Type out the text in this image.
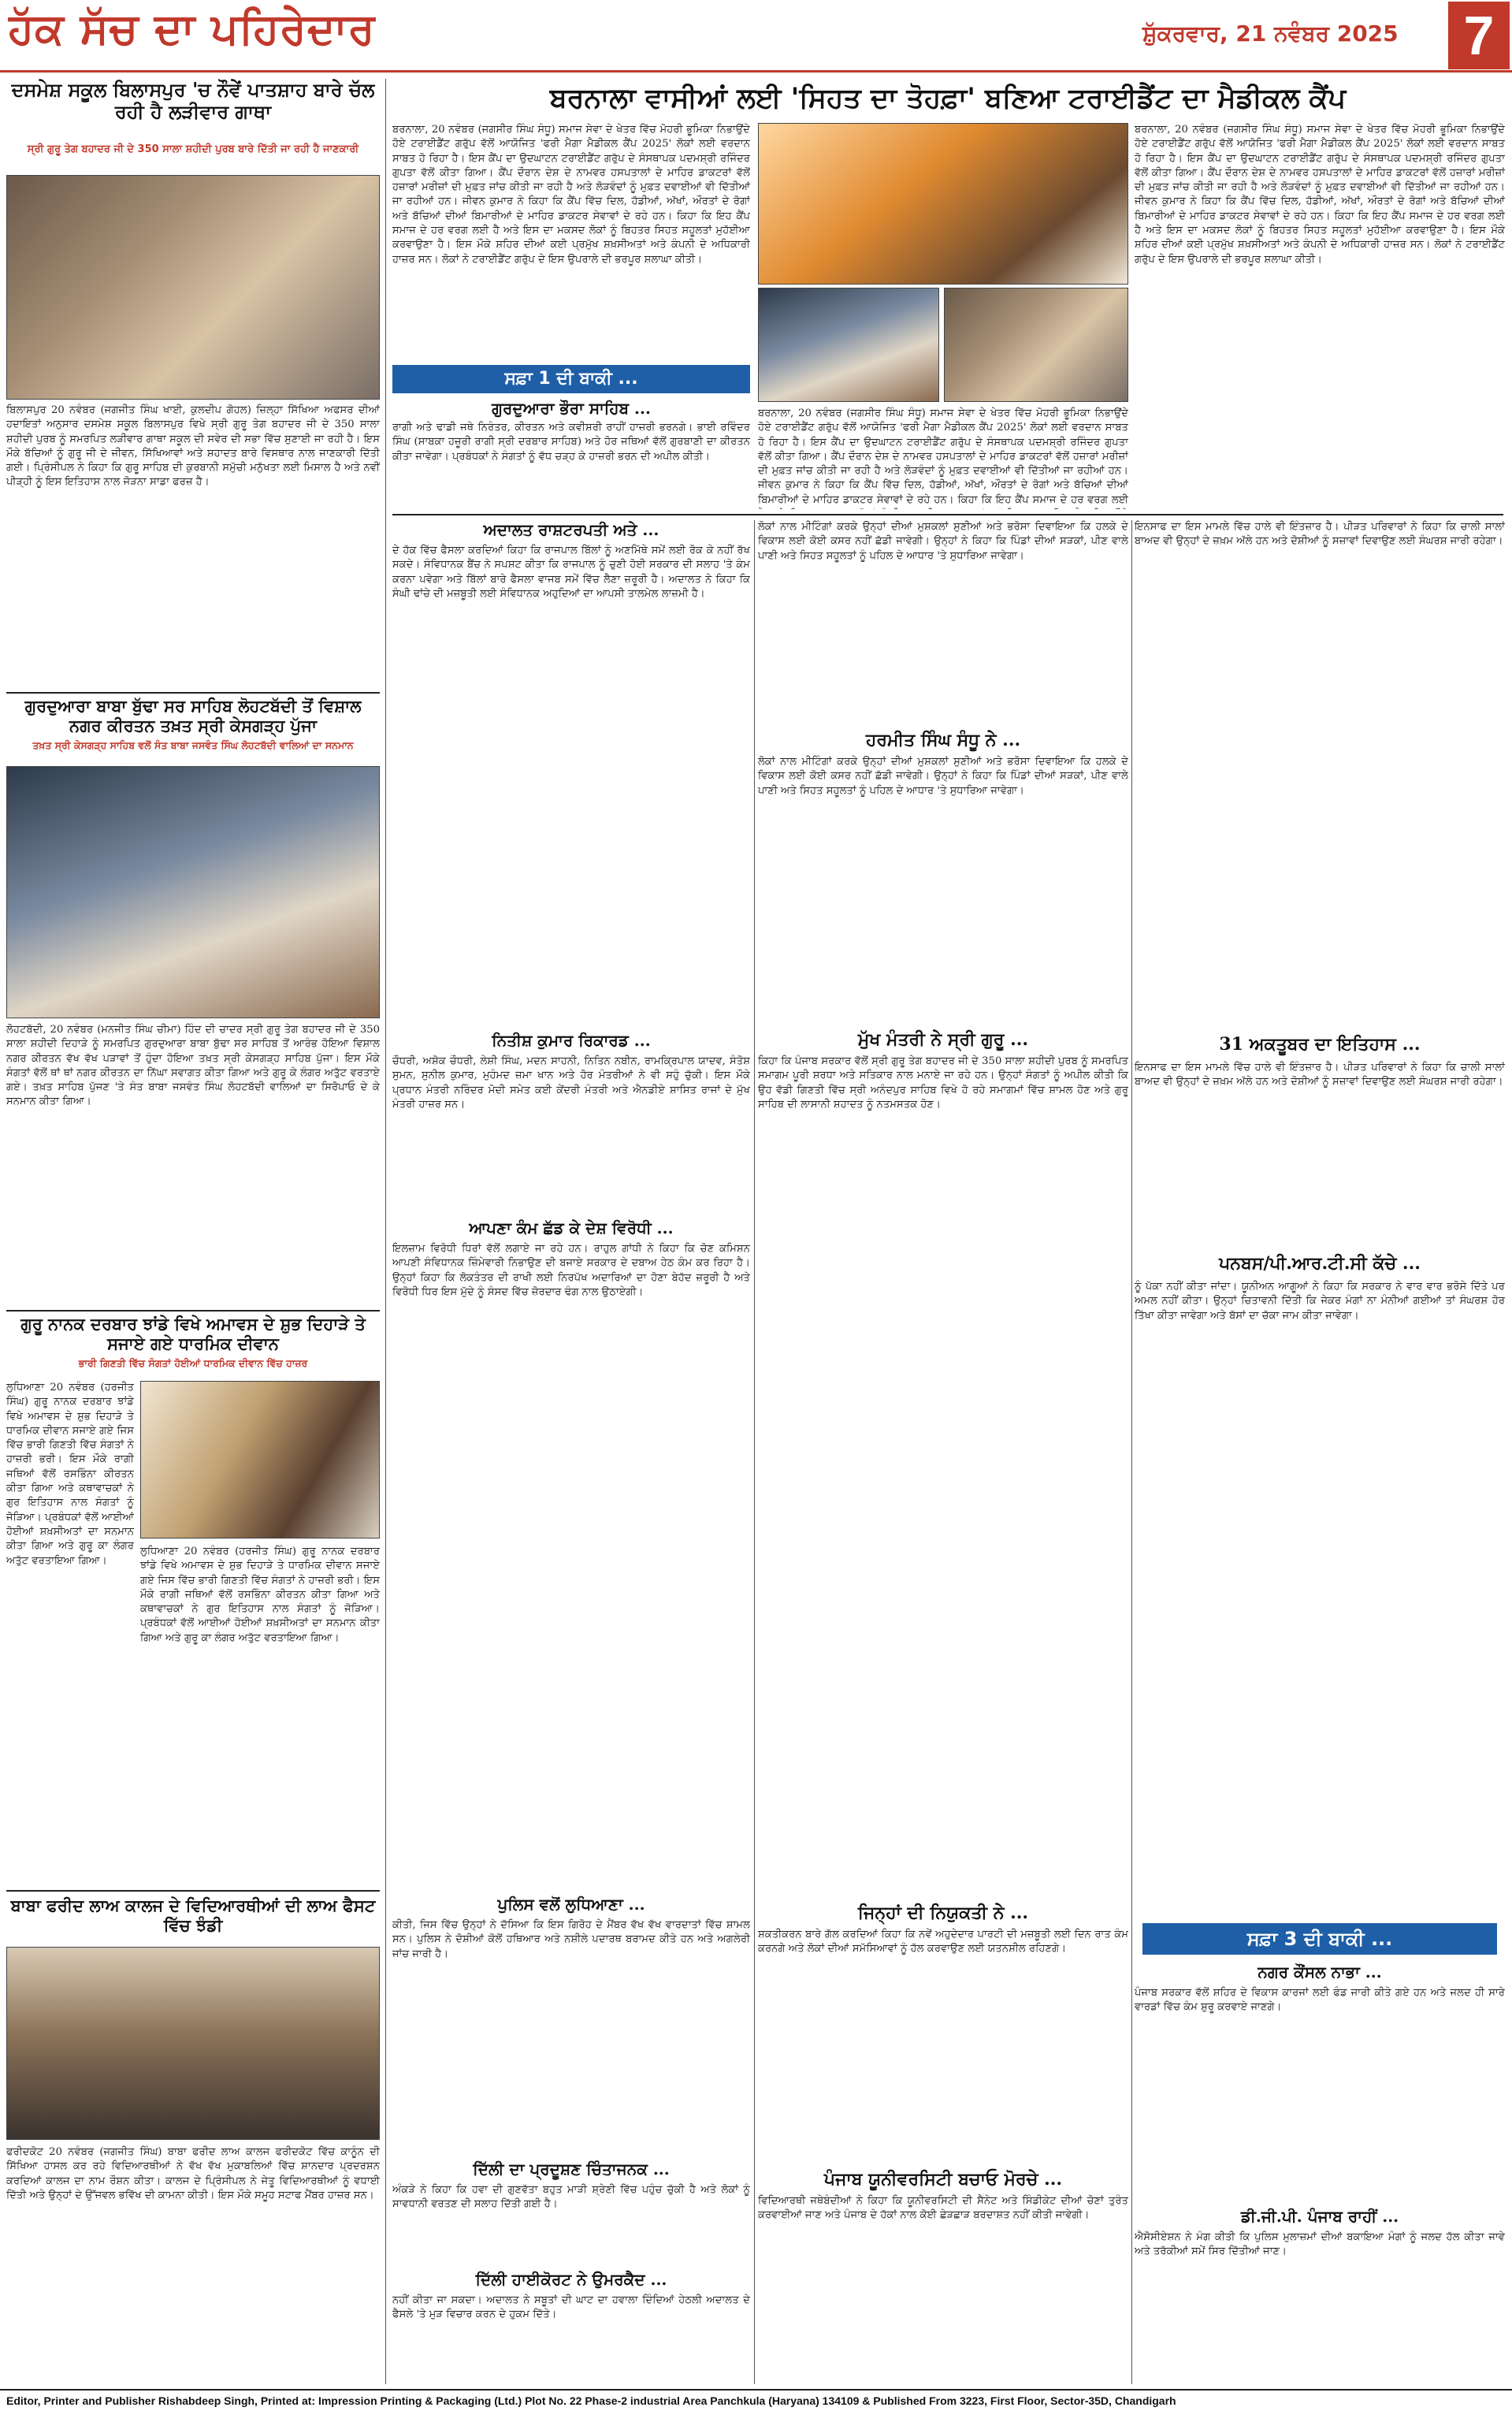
ਹੱਕ ਸੱਚ ਦਾ ਪਹਿਰੇਦਾਰ	ਸ਼ੁੱਕਰਵਾਰ, 21 ਨਵੰਬਰ 2025 7
ਦਸਮੇਸ਼ ਸਕੂਲ ਬਿਲਾਸਪੁਰ 'ਚ ਨੌਵੇਂ ਪਾਤਸ਼ਾਹ ਬਾਰੇ ਚੱਲ ਰਹੀ ਹੈ ਲੜੀਵਾਰ ਗਾਥਾ
ਸ੍ਰੀ ਗੁਰੂ ਤੇਗ ਬਹਾਦਰ ਜੀ ਦੇ 350 ਸਾਲਾ ਸ਼ਹੀਦੀ ਪੁਰਬ ਬਾਰੇ ਦਿੱਤੀ ਜਾ ਰਹੀ ਹੈ ਜਾਣਕਾਰੀ
ਬਿਲਾਸਪੁਰ 20 ਨਵੰਬਰ (ਜਗਜੀਤ ਸਿੰਘ ਖਾਈ, ਕੁਲਦੀਪ ਗੋਹਲ) ਜ਼ਿਲ੍ਹਾ ਸਿੱਖਿਆ ਅਫਸਰ ਦੀਆਂ ਹਦਾਇਤਾਂ ਅਨੁਸਾਰ ਦਸਮੇਸ਼ ਸਕੂਲ ਬਿਲਾਸਪੁਰ ਵਿਖੇ ਸ੍ਰੀ ਗੁਰੂ ਤੇਗ ਬਹਾਦਰ ਜੀ ਦੇ 350 ਸਾਲਾ ਸ਼ਹੀਦੀ ਪੁਰਬ ਨੂੰ ਸਮਰਪਿਤ ਲੜੀਵਾਰ ਗਾਥਾ ਸਕੂਲ ਦੀ ਸਵੇਰ ਦੀ ਸਭਾ ਵਿੱਚ ਸੁਣਾਈ ਜਾ ਰਹੀ ਹੈ। ਇਸ ਮੌਕੇ ਬੱਚਿਆਂ ਨੂੰ ਗੁਰੂ ਜੀ ਦੇ ਜੀਵਨ, ਸਿੱਖਿਆਵਾਂ ਅਤੇ ਸ਼ਹਾਦਤ ਬਾਰੇ ਵਿਸਥਾਰ ਨਾਲ ਜਾਣਕਾਰੀ ਦਿੱਤੀ ਗਈ। ਪ੍ਰਿੰਸੀਪਲ ਨੇ ਕਿਹਾ ਕਿ ਗੁਰੂ ਸਾਹਿਬ ਦੀ ਕੁਰਬਾਨੀ ਸਮੁੱਚੀ ਮਨੁੱਖਤਾ ਲਈ ਮਿਸਾਲ ਹੈ ਅਤੇ ਨਵੀਂ ਪੀੜ੍ਹੀ ਨੂੰ ਇਸ ਇਤਿਹਾਸ ਨਾਲ ਜੋੜਨਾ ਸਾਡਾ ਫਰਜ਼ ਹੈ।
ਗੁਰਦੁਆਰਾ ਬਾਬਾ ਬੁੱਢਾ ਸਰ ਸਾਹਿਬ ਲੋਹਟਬੱਦੀ ਤੋਂ ਵਿਸ਼ਾਲ ਨਗਰ ਕੀਰਤਨ ਤਖ਼ਤ ਸ੍ਰੀ ਕੇਸਗੜ੍ਹ ਪੁੱਜਾ
ਤਖ਼ਤ ਸ੍ਰੀ ਕੇਸਗੜ੍ਹ ਸਾਹਿਬ ਵਲੋਂ ਸੰਤ ਬਾਬਾ ਜਸਵੰਤ ਸਿੰਘ ਲੋਹਟਬੱਦੀ ਵਾਲਿਆਂ ਦਾ ਸਨਮਾਨ
ਲੋਹਟਬੱਦੀ, 20 ਨਵੰਬਰ (ਮਨਜੀਤ ਸਿੰਘ ਚੀਮਾ) ਹਿੰਦ ਦੀ ਚਾਦਰ ਸ੍ਰੀ ਗੁਰੂ ਤੇਗ ਬਹਾਦਰ ਜੀ ਦੇ 350 ਸਾਲਾ ਸ਼ਹੀਦੀ ਦਿਹਾੜੇ ਨੂੰ ਸਮਰਪਿਤ ਗੁਰਦੁਆਰਾ ਬਾਬਾ ਬੁੱਢਾ ਸਰ ਸਾਹਿਬ ਤੋਂ ਆਰੰਭ ਹੋਇਆ ਵਿਸ਼ਾਲ ਨਗਰ ਕੀਰਤਨ ਵੱਖ ਵੱਖ ਪੜਾਵਾਂ ਤੋਂ ਹੁੰਦਾ ਹੋਇਆ ਤਖ਼ਤ ਸ੍ਰੀ ਕੇਸਗੜ੍ਹ ਸਾਹਿਬ ਪੁੱਜਾ। ਇਸ ਮੌਕੇ ਸੰਗਤਾਂ ਵੱਲੋਂ ਥਾਂ ਥਾਂ ਨਗਰ ਕੀਰਤਨ ਦਾ ਨਿੱਘਾ ਸਵਾਗਤ ਕੀਤਾ ਗਿਆ ਅਤੇ ਗੁਰੂ ਕੇ ਲੰਗਰ ਅਤੁੱਟ ਵਰਤਾਏ ਗਏ। ਤਖ਼ਤ ਸਾਹਿਬ ਪੁੱਜਣ 'ਤੇ ਸੰਤ ਬਾਬਾ ਜਸਵੰਤ ਸਿੰਘ ਲੋਹਟਬੱਦੀ ਵਾਲਿਆਂ ਦਾ ਸਿਰੋਪਾਓ ਦੇ ਕੇ ਸਨਮਾਨ ਕੀਤਾ ਗਿਆ।
ਗੁਰੂ ਨਾਨਕ ਦਰਬਾਰ ਝਾਂਡੇ ਵਿਖੇ ਅਮਾਵਸ ਦੇ ਸ਼ੁਭ ਦਿਹਾੜੇ ਤੇ ਸਜਾਏ ਗਏ ਧਾਰਮਿਕ ਦੀਵਾਨ
ਭਾਰੀ ਗਿਣਤੀ ਵਿੱਚ ਸੰਗਤਾਂ ਹੋਈਆਂ ਧਾਰਮਿਕ ਦੀਵਾਨ ਵਿੱਚ ਹਾਜ਼ਰ
ਲੁਧਿਆਣਾ 20 ਨਵੰਬਰ (ਹਰਜੀਤ ਸਿੰਘ) ਗੁਰੂ ਨਾਨਕ ਦਰਬਾਰ ਝਾਂਡੇ ਵਿਖੇ ਅਮਾਵਸ ਦੇ ਸ਼ੁਭ ਦਿਹਾੜੇ ਤੇ ਧਾਰਮਿਕ ਦੀਵਾਨ ਸਜਾਏ ਗਏ ਜਿਸ ਵਿੱਚ ਭਾਰੀ ਗਿਣਤੀ ਵਿੱਚ ਸੰਗਤਾਂ ਨੇ ਹਾਜ਼ਰੀ ਭਰੀ। ਇਸ ਮੌਕੇ ਰਾਗੀ ਜਥਿਆਂ ਵੱਲੋਂ ਰਸਭਿੰਨਾ ਕੀਰਤਨ ਕੀਤਾ ਗਿਆ ਅਤੇ ਕਥਾਵਾਚਕਾਂ ਨੇ ਗੁਰ ਇਤਿਹਾਸ ਨਾਲ ਸੰਗਤਾਂ ਨੂੰ ਜੋੜਿਆ। ਪ੍ਰਬੰਧਕਾਂ ਵੱਲੋਂ ਆਈਆਂ ਹੋਈਆਂ ਸ਼ਖ਼ਸੀਅਤਾਂ ਦਾ ਸਨਮਾਨ ਕੀਤਾ ਗਿਆ ਅਤੇ ਗੁਰੂ ਕਾ ਲੰਗਰ ਅਤੁੱਟ ਵਰਤਾਇਆ ਗਿਆ।
ਲੁਧਿਆਣਾ 20 ਨਵੰਬਰ (ਹਰਜੀਤ ਸਿੰਘ) ਗੁਰੂ ਨਾਨਕ ਦਰਬਾਰ ਝਾਂਡੇ ਵਿਖੇ ਅਮਾਵਸ ਦੇ ਸ਼ੁਭ ਦਿਹਾੜੇ ਤੇ ਧਾਰਮਿਕ ਦੀਵਾਨ ਸਜਾਏ ਗਏ ਜਿਸ ਵਿੱਚ ਭਾਰੀ ਗਿਣਤੀ ਵਿੱਚ ਸੰਗਤਾਂ ਨੇ ਹਾਜ਼ਰੀ ਭਰੀ। ਇਸ ਮੌਕੇ ਰਾਗੀ ਜਥਿਆਂ ਵੱਲੋਂ ਰਸਭਿੰਨਾ ਕੀਰਤਨ ਕੀਤਾ ਗਿਆ ਅਤੇ ਕਥਾਵਾਚਕਾਂ ਨੇ ਗੁਰ ਇਤਿਹਾਸ ਨਾਲ ਸੰਗਤਾਂ ਨੂੰ ਜੋੜਿਆ। ਪ੍ਰਬੰਧਕਾਂ ਵੱਲੋਂ ਆਈਆਂ ਹੋਈਆਂ ਸ਼ਖ਼ਸੀਅਤਾਂ ਦਾ ਸਨਮਾਨ ਕੀਤਾ ਗਿਆ ਅਤੇ ਗੁਰੂ ਕਾ ਲੰਗਰ ਅਤੁੱਟ ਵਰਤਾਇਆ ਗਿਆ।
ਬਾਬਾ ਫਰੀਦ ਲਾਅ ਕਾਲਜ ਦੇ ਵਿਦਿਆਰਥੀਆਂ ਦੀ ਲਾਅ ਫੈਸਟ ਵਿੱਚ ਝੰਡੀ
ਫਰੀਦਕੋਟ 20 ਨਵੰਬਰ (ਜਗਜੀਤ ਸਿੰਘ) ਬਾਬਾ ਫਰੀਦ ਲਾਅ ਕਾਲਜ ਫਰੀਦਕੋਟ ਵਿੱਚ ਕਾਨੂੰਨ ਦੀ ਸਿੱਖਿਆ ਹਾਸਲ ਕਰ ਰਹੇ ਵਿਦਿਆਰਥੀਆਂ ਨੇ ਵੱਖ ਵੱਖ ਮੁਕਾਬਲਿਆਂ ਵਿੱਚ ਸ਼ਾਨਦਾਰ ਪ੍ਰਦਰਸ਼ਨ ਕਰਦਿਆਂ ਕਾਲਜ ਦਾ ਨਾਮ ਰੌਸ਼ਨ ਕੀਤਾ। ਕਾਲਜ ਦੇ ਪ੍ਰਿੰਸੀਪਲ ਨੇ ਜੇਤੂ ਵਿਦਿਆਰਥੀਆਂ ਨੂੰ ਵਧਾਈ ਦਿੱਤੀ ਅਤੇ ਉਨ੍ਹਾਂ ਦੇ ਉੱਜਵਲ ਭਵਿੱਖ ਦੀ ਕਾਮਨਾ ਕੀਤੀ। ਇਸ ਮੌਕੇ ਸਮੂਹ ਸਟਾਫ ਮੈਂਬਰ ਹਾਜ਼ਰ ਸਨ।
ਬਰਨਾਲਾ ਵਾਸੀਆਂ ਲਈ 'ਸਿਹਤ ਦਾ ਤੋਹਫ਼ਾ' ਬਣਿਆ ਟਰਾਈਡੈਂਟ ਦਾ ਮੈਡੀਕਲ ਕੈਂਪ
ਬਰਨਾਲਾ, 20 ਨਵੰਬਰ (ਜਗਸੀਰ ਸਿੰਘ ਸੰਧੂ) ਸਮਾਜ ਸੇਵਾ ਦੇ ਖੇਤਰ ਵਿੱਚ ਮੋਹਰੀ ਭੂਮਿਕਾ ਨਿਭਾਉਂਦੇ ਹੋਏ ਟਰਾਈਡੈਂਟ ਗਰੁੱਪ ਵੱਲੋਂ ਆਯੋਜਿਤ 'ਫਰੀ ਮੈਗਾ ਮੈਡੀਕਲ ਕੈਂਪ 2025' ਲੋਕਾਂ ਲਈ ਵਰਦਾਨ ਸਾਬਤ ਹੋ ਰਿਹਾ ਹੈ। ਇਸ ਕੈਂਪ ਦਾ ਉਦਘਾਟਨ ਟਰਾਈਡੈਂਟ ਗਰੁੱਪ ਦੇ ਸੰਸਥਾਪਕ ਪਦਮਸ਼੍ਰੀ ਰਜਿੰਦਰ ਗੁਪਤਾ ਵੱਲੋਂ ਕੀਤਾ ਗਿਆ। ਕੈਂਪ ਦੌਰਾਨ ਦੇਸ਼ ਦੇ ਨਾਮਵਰ ਹਸਪਤਾਲਾਂ ਦੇ ਮਾਹਿਰ ਡਾਕਟਰਾਂ ਵੱਲੋਂ ਹਜ਼ਾਰਾਂ ਮਰੀਜ਼ਾਂ ਦੀ ਮੁਫ਼ਤ ਜਾਂਚ ਕੀਤੀ ਜਾ ਰਹੀ ਹੈ ਅਤੇ ਲੋੜਵੰਦਾਂ ਨੂੰ ਮੁਫ਼ਤ ਦਵਾਈਆਂ ਵੀ ਦਿੱਤੀਆਂ ਜਾ ਰਹੀਆਂ ਹਨ। ਜੀਵਨ ਕੁਮਾਰ ਨੇ ਕਿਹਾ ਕਿ ਕੈਂਪ ਵਿੱਚ ਦਿਲ, ਹੱਡੀਆਂ, ਅੱਖਾਂ, ਔਰਤਾਂ ਦੇ ਰੋਗਾਂ ਅਤੇ ਬੱਚਿਆਂ ਦੀਆਂ ਬਿਮਾਰੀਆਂ ਦੇ ਮਾਹਿਰ ਡਾਕਟਰ ਸੇਵਾਵਾਂ ਦੇ ਰਹੇ ਹਨ। ਕਿਹਾ ਕਿ ਇਹ ਕੈਂਪ ਸਮਾਜ ਦੇ ਹਰ ਵਰਗ ਲਈ ਹੈ ਅਤੇ ਇਸ ਦਾ ਮਕਸਦ ਲੋਕਾਂ ਨੂੰ ਬਿਹਤਰ ਸਿਹਤ ਸਹੂਲਤਾਂ ਮੁਹੱਈਆ ਕਰਵਾਉਣਾ ਹੈ। ਇਸ ਮੌਕੇ ਸ਼ਹਿਰ ਦੀਆਂ ਕਈ ਪ੍ਰਮੁੱਖ ਸ਼ਖ਼ਸੀਅਤਾਂ ਅਤੇ ਕੰਪਨੀ ਦੇ ਅਧਿਕਾਰੀ ਹਾਜ਼ਰ ਸਨ। ਲੋਕਾਂ ਨੇ ਟਰਾਈਡੈਂਟ ਗਰੁੱਪ ਦੇ ਇਸ ਉਪਰਾਲੇ ਦੀ ਭਰਪੂਰ ਸ਼ਲਾਘਾ ਕੀਤੀ।
ਬਰਨਾਲਾ, 20 ਨਵੰਬਰ (ਜਗਸੀਰ ਸਿੰਘ ਸੰਧੂ) ਸਮਾਜ ਸੇਵਾ ਦੇ ਖੇਤਰ ਵਿੱਚ ਮੋਹਰੀ ਭੂਮਿਕਾ ਨਿਭਾਉਂਦੇ ਹੋਏ ਟਰਾਈਡੈਂਟ ਗਰੁੱਪ ਵੱਲੋਂ ਆਯੋਜਿਤ 'ਫਰੀ ਮੈਗਾ ਮੈਡੀਕਲ ਕੈਂਪ 2025' ਲੋਕਾਂ ਲਈ ਵਰਦਾਨ ਸਾਬਤ ਹੋ ਰਿਹਾ ਹੈ। ਇਸ ਕੈਂਪ ਦਾ ਉਦਘਾਟਨ ਟਰਾਈਡੈਂਟ ਗਰੁੱਪ ਦੇ ਸੰਸਥਾਪਕ ਪਦਮਸ਼੍ਰੀ ਰਜਿੰਦਰ ਗੁਪਤਾ ਵੱਲੋਂ ਕੀਤਾ ਗਿਆ। ਕੈਂਪ ਦੌਰਾਨ ਦੇਸ਼ ਦੇ ਨਾਮਵਰ ਹਸਪਤਾਲਾਂ ਦੇ ਮਾਹਿਰ ਡਾਕਟਰਾਂ ਵੱਲੋਂ ਹਜ਼ਾਰਾਂ ਮਰੀਜ਼ਾਂ ਦੀ ਮੁਫ਼ਤ ਜਾਂਚ ਕੀਤੀ ਜਾ ਰਹੀ ਹੈ ਅਤੇ ਲੋੜਵੰਦਾਂ ਨੂੰ ਮੁਫ਼ਤ ਦਵਾਈਆਂ ਵੀ ਦਿੱਤੀਆਂ ਜਾ ਰਹੀਆਂ ਹਨ। ਜੀਵਨ ਕੁਮਾਰ ਨੇ ਕਿਹਾ ਕਿ ਕੈਂਪ ਵਿੱਚ ਦਿਲ, ਹੱਡੀਆਂ, ਅੱਖਾਂ, ਔਰਤਾਂ ਦੇ ਰੋਗਾਂ ਅਤੇ ਬੱਚਿਆਂ ਦੀਆਂ ਬਿਮਾਰੀਆਂ ਦੇ ਮਾਹਿਰ ਡਾਕਟਰ ਸੇਵਾਵਾਂ ਦੇ ਰਹੇ ਹਨ। ਕਿਹਾ ਕਿ ਇਹ ਕੈਂਪ ਸਮਾਜ ਦੇ ਹਰ ਵਰਗ ਲਈ
ਬਰਨਾਲਾ, 20 ਨਵੰਬਰ (ਜਗਸੀਰ ਸਿੰਘ ਸੰਧੂ) ਸਮਾਜ ਸੇਵਾ ਦੇ ਖੇਤਰ ਵਿੱਚ ਮੋਹਰੀ ਭੂਮਿਕਾ ਨਿਭਾਉਂਦੇ ਹੋਏ ਟਰਾਈਡੈਂਟ ਗਰੁੱਪ ਵੱਲੋਂ ਆਯੋਜਿਤ 'ਫਰੀ ਮੈਗਾ ਮੈਡੀਕਲ ਕੈਂਪ 2025' ਲੋਕਾਂ ਲਈ ਵਰਦਾਨ ਸਾਬਤ ਹੋ ਰਿਹਾ ਹੈ। ਇਸ ਕੈਂਪ ਦਾ ਉਦਘਾਟਨ ਟਰਾਈਡੈਂਟ ਗਰੁੱਪ ਦੇ ਸੰਸਥਾਪਕ ਪਦਮਸ਼੍ਰੀ ਰਜਿੰਦਰ ਗੁਪਤਾ ਵੱਲੋਂ ਕੀਤਾ ਗਿਆ। ਕੈਂਪ ਦੌਰਾਨ ਦੇਸ਼ ਦੇ ਨਾਮਵਰ ਹਸਪਤਾਲਾਂ ਦੇ ਮਾਹਿਰ ਡਾਕਟਰਾਂ ਵੱਲੋਂ ਹਜ਼ਾਰਾਂ ਮਰੀਜ਼ਾਂ ਦੀ ਮੁਫ਼ਤ ਜਾਂਚ ਕੀਤੀ ਜਾ ਰਹੀ ਹੈ ਅਤੇ ਲੋੜਵੰਦਾਂ ਨੂੰ ਮੁਫ਼ਤ ਦਵਾਈਆਂ ਵੀ ਦਿੱਤੀਆਂ ਜਾ ਰਹੀਆਂ ਹਨ। ਜੀਵਨ ਕੁਮਾਰ ਨੇ ਕਿਹਾ ਕਿ ਕੈਂਪ ਵਿੱਚ ਦਿਲ, ਹੱਡੀਆਂ, ਅੱਖਾਂ, ਔਰਤਾਂ ਦੇ ਰੋਗਾਂ ਅਤੇ ਬੱਚਿਆਂ ਦੀਆਂ ਬਿਮਾਰੀਆਂ ਦੇ ਮਾਹਿਰ ਡਾਕਟਰ ਸੇਵਾਵਾਂ ਦੇ ਰਹੇ ਹਨ। ਕਿਹਾ ਕਿ ਇਹ ਕੈਂਪ ਸਮਾਜ ਦੇ ਹਰ ਵਰਗ ਲਈ ਹੈ ਅਤੇ ਇਸ ਦਾ ਮਕਸਦ ਲੋਕਾਂ ਨੂੰ ਬਿਹਤਰ ਸਿਹਤ ਸਹੂਲਤਾਂ ਮੁਹੱਈਆ ਕਰਵਾਉਣਾ ਹੈ। ਇਸ ਮੌਕੇ ਸ਼ਹਿਰ ਦੀਆਂ ਕਈ ਪ੍ਰਮੁੱਖ ਸ਼ਖ਼ਸੀਅਤਾਂ ਅਤੇ ਕੰਪਨੀ ਦੇ ਅਧਿਕਾਰੀ ਹਾਜ਼ਰ ਸਨ। ਲੋਕਾਂ ਨੇ ਟਰਾਈਡੈਂਟ ਗਰੁੱਪ ਦੇ ਇਸ ਉਪਰਾਲੇ ਦੀ ਭਰਪੂਰ ਸ਼ਲਾਘਾ ਕੀਤੀ।
ਸਫ਼ਾ 1 ਦੀ ਬਾਕੀ ...
ਗੁਰਦੁਆਰਾ ਭੌਰਾ ਸਾਹਿਬ ...
ਰਾਗੀ ਅਤੇ ਢਾਡੀ ਜਥੇ ਨਿਰੰਤਰ, ਕੀਰਤਨ ਅਤੇ ਕਵੀਸ਼ਰੀ ਰਾਹੀਂ ਹਾਜ਼ਰੀ ਭਰਨਗੇ। ਭਾਈ ਰਵਿੰਦਰ ਸਿੰਘ (ਸਾਬਕਾ ਹਜ਼ੂਰੀ ਰਾਗੀ ਸ੍ਰੀ ਦਰਬਾਰ ਸਾਹਿਬ) ਅਤੇ ਹੋਰ ਜਥਿਆਂ ਵੱਲੋਂ ਗੁਰਬਾਣੀ ਦਾ ਕੀਰਤਨ ਕੀਤਾ ਜਾਵੇਗਾ। ਪ੍ਰਬੰਧਕਾਂ ਨੇ ਸੰਗਤਾਂ ਨੂੰ ਵੱਧ ਚੜ੍ਹ ਕੇ ਹਾਜ਼ਰੀ ਭਰਨ ਦੀ ਅਪੀਲ ਕੀਤੀ।
ਅਦਾਲਤ ਰਾਸ਼ਟਰਪਤੀ ਅਤੇ ...
ਦੇ ਹੱਕ ਵਿੱਚ ਫੈਸਲਾ ਕਰਦਿਆਂ ਕਿਹਾ ਕਿ ਰਾਜਪਾਲ ਬਿੱਲਾਂ ਨੂੰ ਅਣਮਿੱਥੇ ਸਮੇਂ ਲਈ ਰੋਕ ਕੇ ਨਹੀਂ ਰੱਖ ਸਕਦੇ। ਸੰਵਿਧਾਨਕ ਬੈਂਚ ਨੇ ਸਪਸ਼ਟ ਕੀਤਾ ਕਿ ਰਾਜਪਾਲ ਨੂੰ ਚੁਣੀ ਹੋਈ ਸਰਕਾਰ ਦੀ ਸਲਾਹ 'ਤੇ ਕੰਮ ਕਰਨਾ ਪਵੇਗਾ ਅਤੇ ਬਿੱਲਾਂ ਬਾਰੇ ਫੈਸਲਾ ਵਾਜਬ ਸਮੇਂ ਵਿੱਚ ਲੈਣਾ ਜ਼ਰੂਰੀ ਹੈ। ਅਦਾਲਤ ਨੇ ਕਿਹਾ ਕਿ ਸੰਘੀ ਢਾਂਚੇ ਦੀ ਮਜ਼ਬੂਤੀ ਲਈ ਸੰਵਿਧਾਨਕ ਅਹੁਦਿਆਂ ਦਾ ਆਪਸੀ ਤਾਲਮੇਲ ਲਾਜ਼ਮੀ ਹੈ।
ਨਿਤੀਸ਼ ਕੁਮਾਰ ਰਿਕਾਰਡ ...
ਚੌਧਰੀ, ਅਸ਼ੋਕ ਚੌਧਰੀ, ਲੇਸ਼ੀ ਸਿੰਘ, ਮਦਨ ਸਾਹਨੀ, ਨਿਤਿਨ ਨਬੀਨ, ਰਾਮਕ੍ਰਿਪਾਲ ਯਾਦਵ, ਸੰਤੋਸ਼ ਸੁਮਨ, ਸੁਨੀਲ ਕੁਮਾਰ, ਮੁਹੰਮਦ ਜ਼ਮਾ ਖਾਨ ਅਤੇ ਹੋਰ ਮੰਤਰੀਆਂ ਨੇ ਵੀ ਸਹੁੰ ਚੁੱਕੀ। ਇਸ ਮੌਕੇ ਪ੍ਰਧਾਨ ਮੰਤਰੀ ਨਰਿੰਦਰ ਮੋਦੀ ਸਮੇਤ ਕਈ ਕੇਂਦਰੀ ਮੰਤਰੀ ਅਤੇ ਐਨਡੀਏ ਸ਼ਾਸਿਤ ਰਾਜਾਂ ਦੇ ਮੁੱਖ ਮੰਤਰੀ ਹਾਜ਼ਰ ਸਨ।
ਆਪਣਾ ਕੰਮ ਛੱਡ ਕੇ ਦੇਸ਼ ਵਿਰੋਧੀ ...
ਇਲਜ਼ਾਮ ਵਿਰੋਧੀ ਧਿਰਾਂ ਵੱਲੋਂ ਲਗਾਏ ਜਾ ਰਹੇ ਹਨ। ਰਾਹੁਲ ਗਾਂਧੀ ਨੇ ਕਿਹਾ ਕਿ ਚੋਣ ਕਮਿਸ਼ਨ ਆਪਣੀ ਸੰਵਿਧਾਨਕ ਜ਼ਿੰਮੇਵਾਰੀ ਨਿਭਾਉਣ ਦੀ ਬਜਾਏ ਸਰਕਾਰ ਦੇ ਦਬਾਅ ਹੇਠ ਕੰਮ ਕਰ ਰਿਹਾ ਹੈ। ਉਨ੍ਹਾਂ ਕਿਹਾ ਕਿ ਲੋਕਤੰਤਰ ਦੀ ਰਾਖੀ ਲਈ ਨਿਰਪੱਖ ਅਦਾਰਿਆਂ ਦਾ ਹੋਣਾ ਬੇਹੱਦ ਜ਼ਰੂਰੀ ਹੈ ਅਤੇ ਵਿਰੋਧੀ ਧਿਰ ਇਸ ਮੁੱਦੇ ਨੂੰ ਸੰਸਦ ਵਿੱਚ ਜ਼ੋਰਦਾਰ ਢੰਗ ਨਾਲ ਉਠਾਏਗੀ।
ਪੁਲਿਸ ਵਲੋਂ ਲੁਧਿਆਣਾ ...
ਕੀਤੀ, ਜਿਸ ਵਿੱਚ ਉਨ੍ਹਾਂ ਨੇ ਦੱਸਿਆ ਕਿ ਇਸ ਗਿਰੋਹ ਦੇ ਮੈਂਬਰ ਵੱਖ ਵੱਖ ਵਾਰਦਾਤਾਂ ਵਿੱਚ ਸ਼ਾਮਲ ਸਨ। ਪੁਲਿਸ ਨੇ ਦੋਸ਼ੀਆਂ ਕੋਲੋਂ ਹਥਿਆਰ ਅਤੇ ਨਸ਼ੀਲੇ ਪਦਾਰਥ ਬਰਾਮਦ ਕੀਤੇ ਹਨ ਅਤੇ ਅਗਲੇਰੀ ਜਾਂਚ ਜਾਰੀ ਹੈ।
ਦਿੱਲੀ ਦਾ ਪ੍ਰਦੂਸ਼ਣ ਚਿੰਤਾਜਨਕ ...
ਅੰਕੜੇ ਨੇ ਕਿਹਾ ਕਿ ਹਵਾ ਦੀ ਗੁਣਵੱਤਾ ਬਹੁਤ ਮਾੜੀ ਸ਼੍ਰੇਣੀ ਵਿੱਚ ਪਹੁੰਚ ਚੁੱਕੀ ਹੈ ਅਤੇ ਲੋਕਾਂ ਨੂੰ ਸਾਵਧਾਨੀ ਵਰਤਣ ਦੀ ਸਲਾਹ ਦਿੱਤੀ ਗਈ ਹੈ।
ਦਿੱਲੀ ਹਾਈਕੋਰਟ ਨੇ ਉਮਰਕੈਦ ...
ਨਹੀਂ ਕੀਤਾ ਜਾ ਸਕਦਾ। ਅਦਾਲਤ ਨੇ ਸਬੂਤਾਂ ਦੀ ਘਾਟ ਦਾ ਹਵਾਲਾ ਦਿੰਦਿਆਂ ਹੇਠਲੀ ਅਦਾਲਤ ਦੇ ਫੈਸਲੇ 'ਤੇ ਮੁੜ ਵਿਚਾਰ ਕਰਨ ਦੇ ਹੁਕਮ ਦਿੱਤੇ।
ਲੋਕਾਂ ਨਾਲ ਮੀਟਿੰਗਾਂ ਕਰਕੇ ਉਨ੍ਹਾਂ ਦੀਆਂ ਮੁਸ਼ਕਲਾਂ ਸੁਣੀਆਂ ਅਤੇ ਭਰੋਸਾ ਦਿਵਾਇਆ ਕਿ ਹਲਕੇ ਦੇ ਵਿਕਾਸ ਲਈ ਕੋਈ ਕਸਰ ਨਹੀਂ ਛੱਡੀ ਜਾਵੇਗੀ। ਉਨ੍ਹਾਂ ਨੇ ਕਿਹਾ ਕਿ ਪਿੰਡਾਂ ਦੀਆਂ ਸੜਕਾਂ, ਪੀਣ ਵਾਲੇ ਪਾਣੀ ਅਤੇ ਸਿਹਤ ਸਹੂਲਤਾਂ ਨੂੰ ਪਹਿਲ ਦੇ ਆਧਾਰ 'ਤੇ ਸੁਧਾਰਿਆ ਜਾਵੇਗਾ।
ਹਰਮੀਤ ਸਿੰਘ ਸੰਧੂ ਨੇ ...
ਲੋਕਾਂ ਨਾਲ ਮੀਟਿੰਗਾਂ ਕਰਕੇ ਉਨ੍ਹਾਂ ਦੀਆਂ ਮੁਸ਼ਕਲਾਂ ਸੁਣੀਆਂ ਅਤੇ ਭਰੋਸਾ ਦਿਵਾਇਆ ਕਿ ਹਲਕੇ ਦੇ ਵਿਕਾਸ ਲਈ ਕੋਈ ਕਸਰ ਨਹੀਂ ਛੱਡੀ ਜਾਵੇਗੀ। ਉਨ੍ਹਾਂ ਨੇ ਕਿਹਾ ਕਿ ਪਿੰਡਾਂ ਦੀਆਂ ਸੜਕਾਂ, ਪੀਣ ਵਾਲੇ ਪਾਣੀ ਅਤੇ ਸਿਹਤ ਸਹੂਲਤਾਂ ਨੂੰ ਪਹਿਲ ਦੇ ਆਧਾਰ 'ਤੇ ਸੁਧਾਰਿਆ ਜਾਵੇਗਾ।
ਮੁੱਖ ਮੰਤਰੀ ਨੇ ਸ੍ਰੀ ਗੁਰੂ ...
ਕਿਹਾ ਕਿ ਪੰਜਾਬ ਸਰਕਾਰ ਵੱਲੋਂ ਸ੍ਰੀ ਗੁਰੂ ਤੇਗ ਬਹਾਦਰ ਜੀ ਦੇ 350 ਸਾਲਾ ਸ਼ਹੀਦੀ ਪੁਰਬ ਨੂੰ ਸਮਰਪਿਤ ਸਮਾਗਮ ਪੂਰੀ ਸ਼ਰਧਾ ਅਤੇ ਸਤਿਕਾਰ ਨਾਲ ਮਨਾਏ ਜਾ ਰਹੇ ਹਨ। ਉਨ੍ਹਾਂ ਸੰਗਤਾਂ ਨੂੰ ਅਪੀਲ ਕੀਤੀ ਕਿ ਉਹ ਵੱਡੀ ਗਿਣਤੀ ਵਿੱਚ ਸ੍ਰੀ ਅਨੰਦਪੁਰ ਸਾਹਿਬ ਵਿਖੇ ਹੋ ਰਹੇ ਸਮਾਗਮਾਂ ਵਿੱਚ ਸ਼ਾਮਲ ਹੋਣ ਅਤੇ ਗੁਰੂ ਸਾਹਿਬ ਦੀ ਲਾਸਾਨੀ ਸ਼ਹਾਦਤ ਨੂੰ ਨਤਮਸਤਕ ਹੋਣ।
ਜਿਨ੍ਹਾਂ ਦੀ ਨਿਯੁਕਤੀ ਨੇ ...
ਸ਼ਕਤੀਕਰਨ ਬਾਰੇ ਗੱਲ ਕਰਦਿਆਂ ਕਿਹਾ ਕਿ ਨਵੇਂ ਅਹੁਦੇਦਾਰ ਪਾਰਟੀ ਦੀ ਮਜ਼ਬੂਤੀ ਲਈ ਦਿਨ ਰਾਤ ਕੰਮ ਕਰਨਗੇ ਅਤੇ ਲੋਕਾਂ ਦੀਆਂ ਸਮੱਸਿਆਵਾਂ ਨੂੰ ਹੱਲ ਕਰਵਾਉਣ ਲਈ ਯਤਨਸ਼ੀਲ ਰਹਿਣਗੇ।
ਪੰਜਾਬ ਯੂਨੀਵਰਸਿਟੀ ਬਚਾਓ ਮੋਰਚੇ ...
ਵਿਦਿਆਰਥੀ ਜਥੇਬੰਦੀਆਂ ਨੇ ਕਿਹਾ ਕਿ ਯੂਨੀਵਰਸਿਟੀ ਦੀ ਸੈਨੇਟ ਅਤੇ ਸਿੰਡੀਕੇਟ ਦੀਆਂ ਚੋਣਾਂ ਤੁਰੰਤ ਕਰਵਾਈਆਂ ਜਾਣ ਅਤੇ ਪੰਜਾਬ ਦੇ ਹੱਕਾਂ ਨਾਲ ਕੋਈ ਛੇੜਛਾੜ ਬਰਦਾਸ਼ਤ ਨਹੀਂ ਕੀਤੀ ਜਾਵੇਗੀ।
ਇਨਸਾਫ ਦਾ ਇਸ ਮਾਮਲੇ ਵਿੱਚ ਹਾਲੇ ਵੀ ਇੰਤਜ਼ਾਰ ਹੈ। ਪੀੜਤ ਪਰਿਵਾਰਾਂ ਨੇ ਕਿਹਾ ਕਿ ਚਾਲੀ ਸਾਲਾਂ ਬਾਅਦ ਵੀ ਉਨ੍ਹਾਂ ਦੇ ਜ਼ਖ਼ਮ ਅੱਲੇ ਹਨ ਅਤੇ ਦੋਸ਼ੀਆਂ ਨੂੰ ਸਜ਼ਾਵਾਂ ਦਿਵਾਉਣ ਲਈ ਸੰਘਰਸ਼ ਜਾਰੀ ਰਹੇਗਾ।
31 ਅਕਤੂਬਰ ਦਾ ਇਤਿਹਾਸ ...
ਇਨਸਾਫ ਦਾ ਇਸ ਮਾਮਲੇ ਵਿੱਚ ਹਾਲੇ ਵੀ ਇੰਤਜ਼ਾਰ ਹੈ। ਪੀੜਤ ਪਰਿਵਾਰਾਂ ਨੇ ਕਿਹਾ ਕਿ ਚਾਲੀ ਸਾਲਾਂ ਬਾਅਦ ਵੀ ਉਨ੍ਹਾਂ ਦੇ ਜ਼ਖ਼ਮ ਅੱਲੇ ਹਨ ਅਤੇ ਦੋਸ਼ੀਆਂ ਨੂੰ ਸਜ਼ਾਵਾਂ ਦਿਵਾਉਣ ਲਈ ਸੰਘਰਸ਼ ਜਾਰੀ ਰਹੇਗਾ।
ਪਨਬਸ/ਪੀ.ਆਰ.ਟੀ.ਸੀ ਕੱਚੇ ...
ਨੂੰ ਪੱਕਾ ਨਹੀਂ ਕੀਤਾ ਜਾਂਦਾ। ਯੂਨੀਅਨ ਆਗੂਆਂ ਨੇ ਕਿਹਾ ਕਿ ਸਰਕਾਰ ਨੇ ਵਾਰ ਵਾਰ ਭਰੋਸੇ ਦਿੱਤੇ ਪਰ ਅਮਲ ਨਹੀਂ ਕੀਤਾ। ਉਨ੍ਹਾਂ ਚਿਤਾਵਨੀ ਦਿੱਤੀ ਕਿ ਜੇਕਰ ਮੰਗਾਂ ਨਾ ਮੰਨੀਆਂ ਗਈਆਂ ਤਾਂ ਸੰਘਰਸ਼ ਹੋਰ ਤਿੱਖਾ ਕੀਤਾ ਜਾਵੇਗਾ ਅਤੇ ਬੱਸਾਂ ਦਾ ਚੱਕਾ ਜਾਮ ਕੀਤਾ ਜਾਵੇਗਾ।
ਸਫ਼ਾ 3 ਦੀ ਬਾਕੀ ...
ਨਗਰ ਕੌਂਸਲ ਨਾਭਾ ...
ਪੰਜਾਬ ਸਰਕਾਰ ਵੱਲੋਂ ਸ਼ਹਿਰ ਦੇ ਵਿਕਾਸ ਕਾਰਜਾਂ ਲਈ ਫੰਡ ਜਾਰੀ ਕੀਤੇ ਗਏ ਹਨ ਅਤੇ ਜਲਦ ਹੀ ਸਾਰੇ ਵਾਰਡਾਂ ਵਿੱਚ ਕੰਮ ਸ਼ੁਰੂ ਕਰਵਾਏ ਜਾਣਗੇ।
ਡੀ.ਜੀ.ਪੀ. ਪੰਜਾਬ ਰਾਹੀਂ ...
ਐਸੋਸੀਏਸ਼ਨ ਨੇ ਮੰਗ ਕੀਤੀ ਕਿ ਪੁਲਿਸ ਮੁਲਾਜ਼ਮਾਂ ਦੀਆਂ ਬਕਾਇਆ ਮੰਗਾਂ ਨੂੰ ਜਲਦ ਹੱਲ ਕੀਤਾ ਜਾਵੇ ਅਤੇ ਤਰੱਕੀਆਂ ਸਮੇਂ ਸਿਰ ਦਿੱਤੀਆਂ ਜਾਣ।
Editor, Printer and Publisher Rishabdeep Singh, Printed at: Impression Printing & Packaging (Ltd.) Plot No. 22 Phase-2 industrial Area Panchkula (Haryana) 134109 & Published From 3223, First Floor, Sector-35D, Chandigarh
